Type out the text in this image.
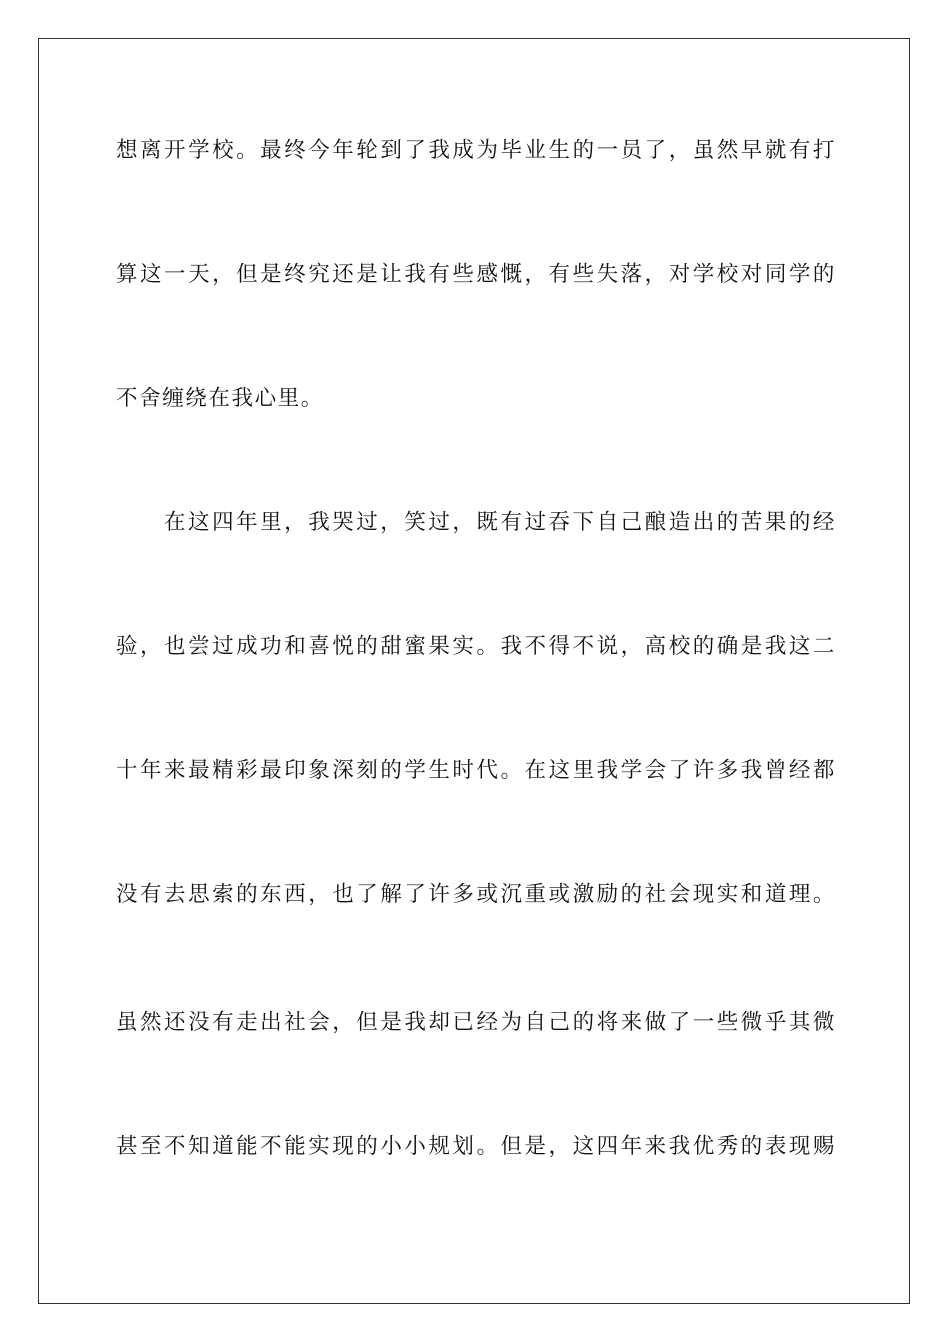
想离开学校。最终今年轮到了我成为毕业生的一员了，虽然早就有打
算这一天，但是终究还是让我有些感慨，有些失落，对学校对同学的
不舍缠绕在我心里。
在这四年里，我哭过，笑过，既有过吞下自己酿造出的苦果的经
验，也尝过成功和喜悦的甜蜜果实。我不得不说，高校的确是我这二
十年来最精彩最印象深刻的学生时代。在这里我学会了许多我曾经都
没有去思索的东西，也了解了许多或沉重或激励的社会现实和道理。
虽然还没有走出社会，但是我却已经为自己的将来做了一些微乎其微
甚至不知道能不能实现的小小规划。但是，这四年来我优秀的表现赐
